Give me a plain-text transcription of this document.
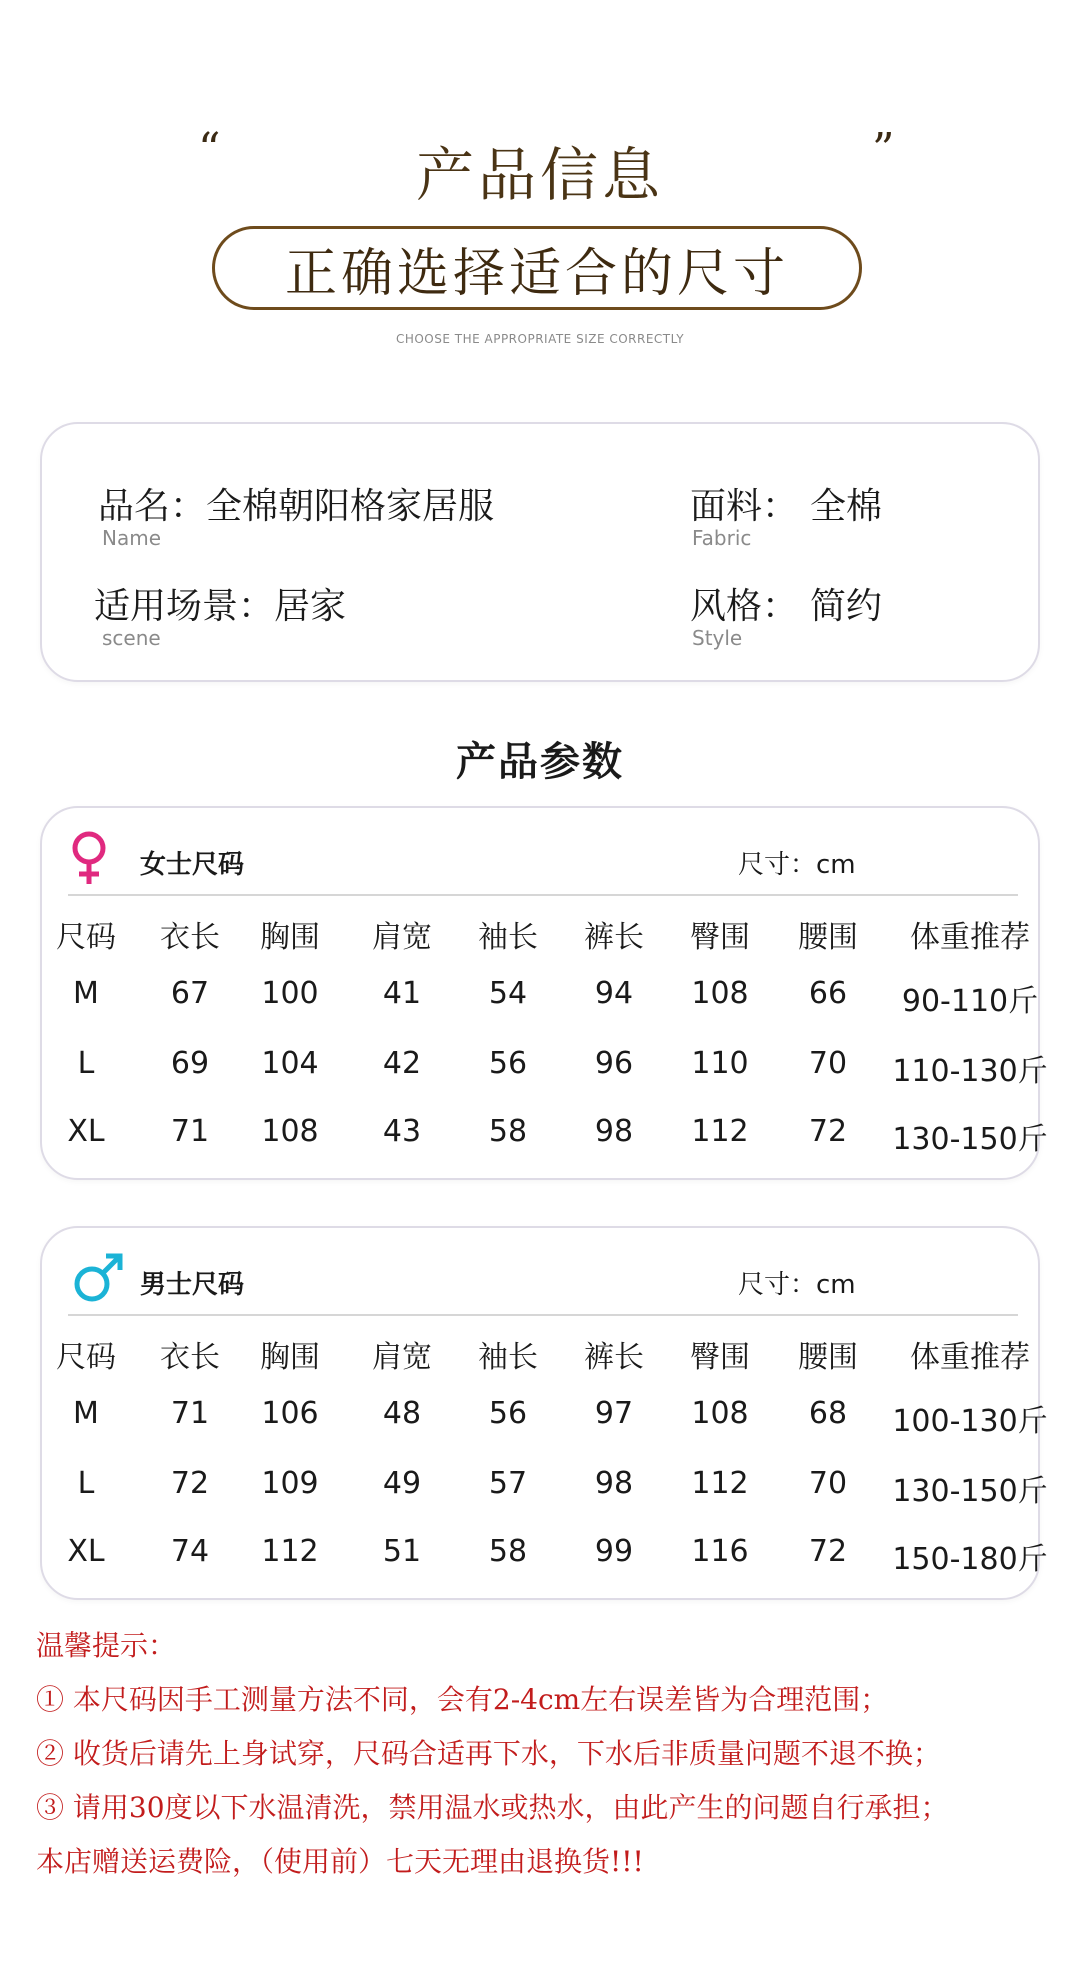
“	”
产品信息
正确选择适合的尺寸
CHOOSE THE APPROPRIATE SIZE CORRECTLY
品名：全棉朝阳格家居服
Name
面料： 全棉
Fabric
适用场景：居家
scene
风格： 简约
Style
产品参数
女士尺码	尺寸：cm
尺码 衣长 胸围 肩宽 袖长 裤长 臀围 腰围 体重推荐
M 67 100 41 54 94 108 66 90-110斤
L	69 104 42 56 96 110 70 110-130斤
XL 71 108 43 58 98 112 72 130-150斤
男士尺码	尺寸：cm
尺码 衣长 胸围 肩宽 袖长 裤长 臀围 腰围 体重推荐
M 71 106 48 56 97 108 68 100-130斤
L	72 109 49 57 98 112 70 130-150斤
XL 74 112 51 58 99 116 72 150-180斤
温馨提示：
① 本尺码因手工测量方法不同，会有2-4cm左右误差皆为合理范围；
② 收货后请先上身试穿，尺码合适再下水，下水后非质量问题不退不换；
③ 请用30度以下水温清洗，禁用温水或热水，由此产生的问题自行承担；
本店赠送运费险，（使用前）七天无理由退换货!!!
